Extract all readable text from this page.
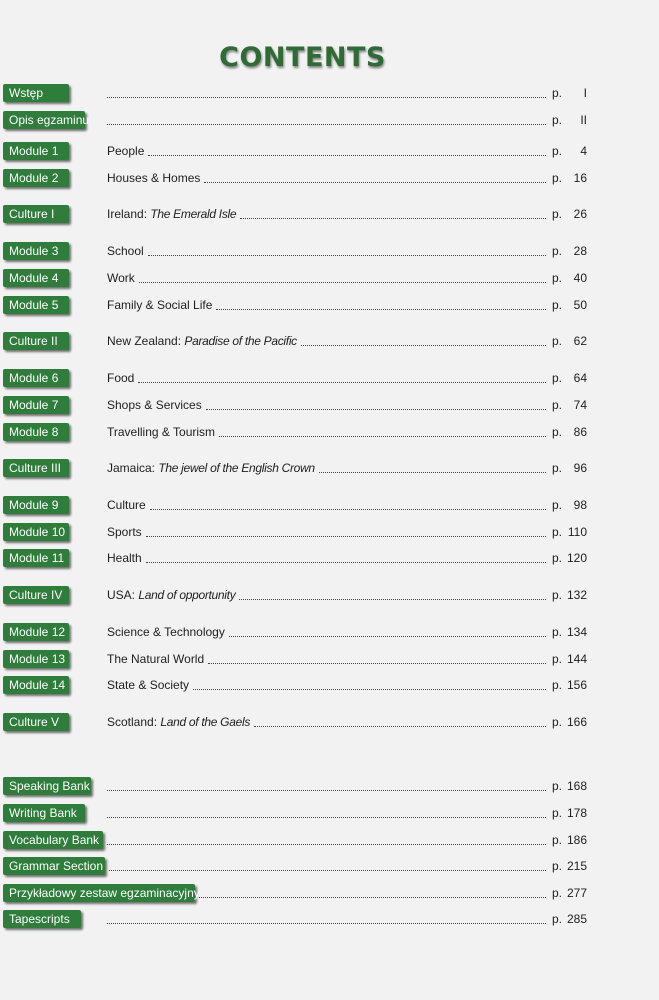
CONTENTS
Wstęp	p. I
Opis egzaminu	p. II
Module 1	People	p. 4
Module 2	Houses & Homes	p. 16
Culture I	Ireland: The Emerald Isle	p. 26
Module 3	School	p. 28
Module 4	Work	p. 40
Module 5	Family & Social Life	p. 50
Culture II	New Zealand: Paradise of the Pacific	p. 62
Module 6	Food	p. 64
Module 7	Shops & Services	p. 74
Module 8	Travelling & Tourism	p. 86
Culture III	Jamaica: The jewel of the English Crown	p. 96
Module 9	Culture	p. 98
Module 10	Sports	p. 110
Module 11	Health	p. 120
Culture IV	USA: Land of opportunity	p. 132
Module 12	Science & Technology	p. 134
Module 13	The Natural World	p. 144
Module 14	State & Society	p. 156
Culture V	Scotland: Land of the Gaels	p. 166
Speaking Bank	p. 168
Writing Bank	p. 178
Vocabulary Bank	p. 186
Grammar Section	p. 215
Przykładowy zestaw egzaminacyjny	p. 277
Tapescripts	p. 285
